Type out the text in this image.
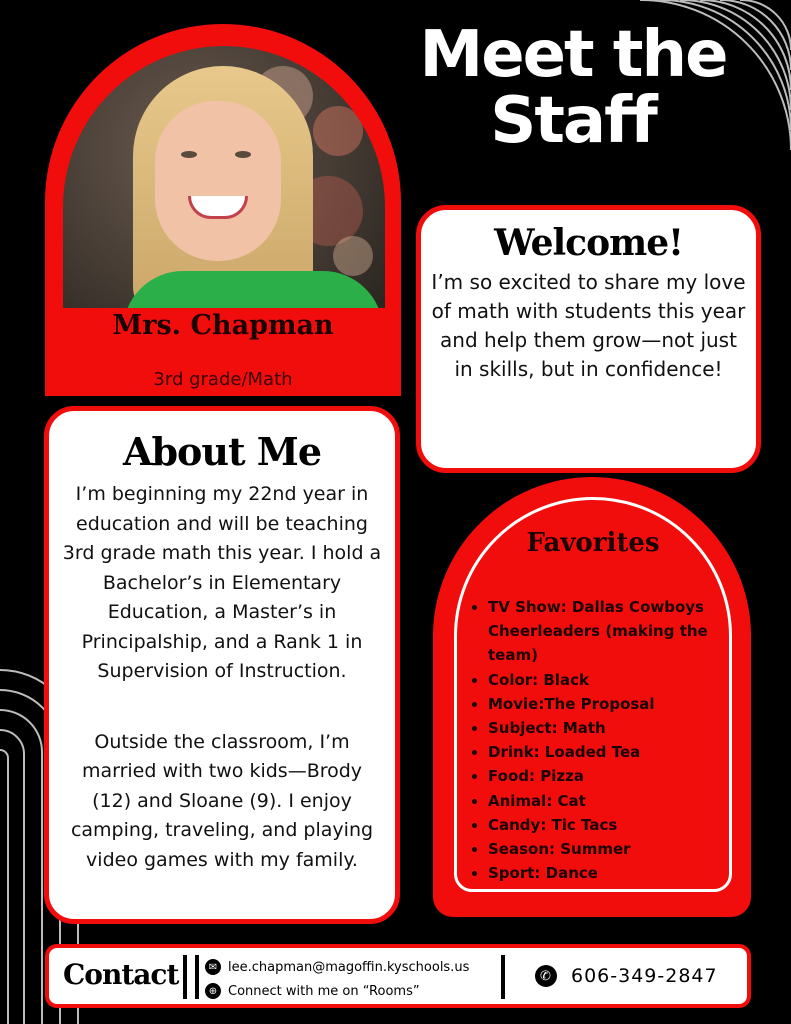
Meet the
Staff
Mrs. Chapman
3rd grade/Math
Welcome!

I’m so excited to share my love of math with students this year and help them grow—not just in skills, but in confidence!

About Me

I’m beginning my 22nd year in education and will be teaching 3rd grade math this year. I hold a Bachelor’s in Elementary Education, a Master’s in Principalship, and a Rank 1 in Supervision of Instruction.

Outside the classroom, I’m married with two kids—Brody (12) and Sloane (9). I enjoy camping, traveling, and playing video games with my family.

Favorites
• TV Show: Dallas Cowboys Cheerleaders (making the team)
• Color: Black
• Movie:The Proposal
• Subject: Math
• Drink: Loaded Tea
• Food: Pizza
• Animal: Cat
• Candy: Tic Tacs
• Season: Summer
• Sport: Dance
Contact	✉ lee.chapman@magoffin.kyschools.us
⊕ Connect with me on “Rooms”
✆ 606-349-2847
